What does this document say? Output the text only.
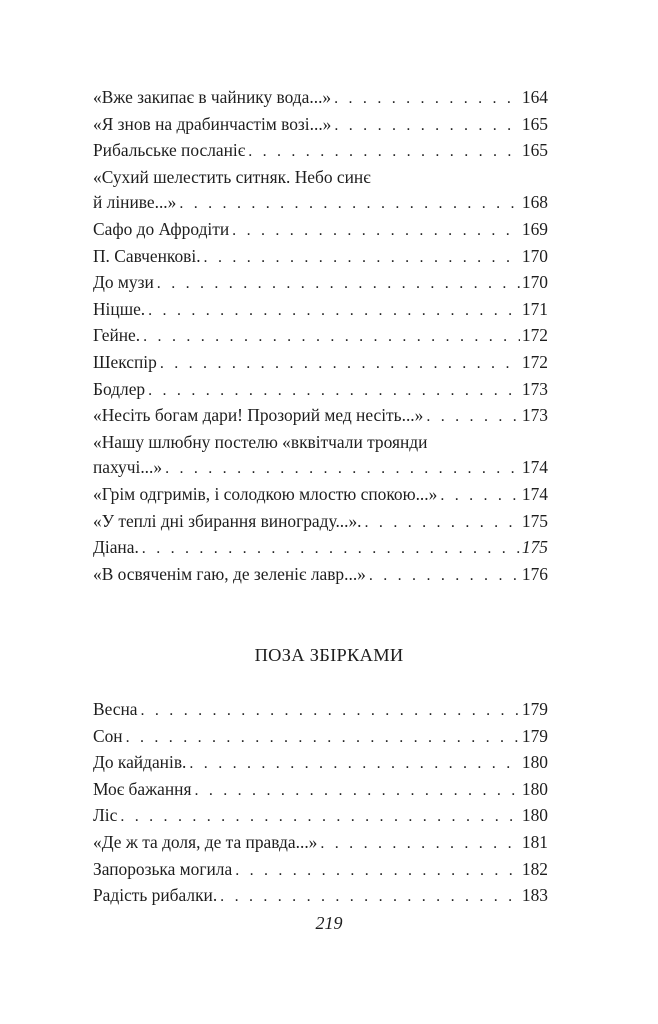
«Вже закипає в чайнику вода...» . . .	164
«Я знов на драбинчастім возі...» . . .	165
Рибальське посланіє . . .	165
«Сухий шелестить ситняк. Небо синє
й ліниве...» . . .	168
Сафо до Афродіти . . .	169
П. Савченкові. . . .	170
До музи . . .	170
Ніцше. . . .	171
Гейне. . . .	172
Шекспір . . .	172
Бодлер . . .	173
«Несіть богам дари! Прозорий мед несіть...» . . .	173
«Нашу шлюбну постелю «вквітчали троянди
пахучі...» . . .	174
«Грім одгримів, і солодкою млостю спокою...» . . .	174
«У теплі дні збирання винограду...». . . .	175
Діана. . . .	175
«В освяченім гаю, де зеленіє лавр...» . . .	176
ПОЗА ЗБІРКАМИ
Весна . . .	179
Сон . . .	179
До кайданів. . . .	180
Моє бажання . . .	180
Ліс . . .	180
«Де ж та доля, де та правда...» . . .	181
Запорозька могила . . .	182
Радість рибалки. . . .	183
219
